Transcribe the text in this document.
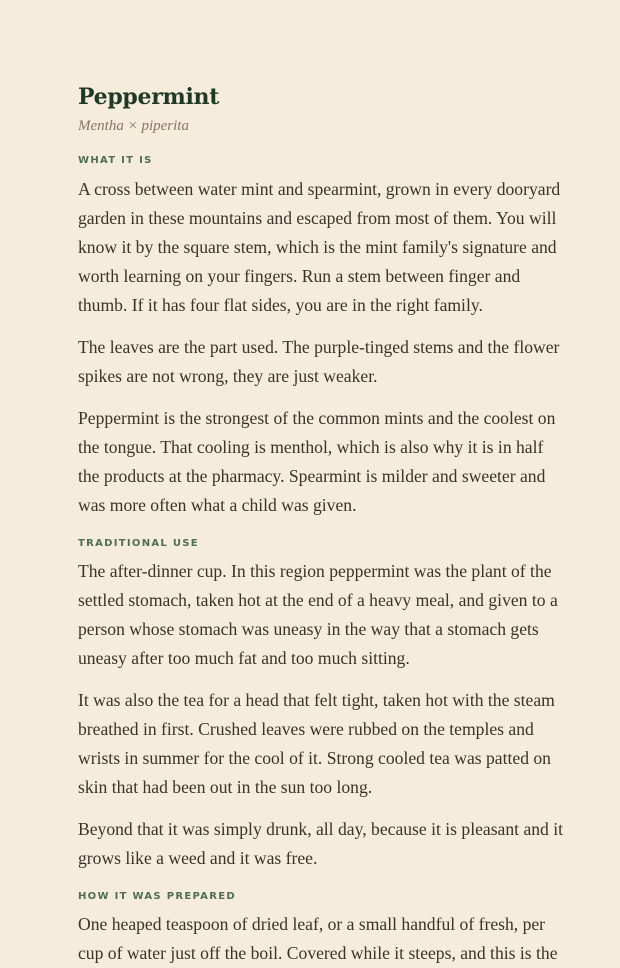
Peppermint

Mentha × piperita

WHAT IT IS

A cross between water mint and spearmint, grown in every dooryard garden in these mountains and escaped from most of them. You will know it by the square stem, which is the mint family's signature and worth learning on your fingers. Run a stem between finger and thumb. If it has four flat sides, you are in the right family.

The leaves are the part used. The purple-tinged stems and the flower spikes are not wrong, they are just weaker.

Peppermint is the strongest of the common mints and the coolest on the tongue. That cooling is menthol, which is also why it is in half the products at the pharmacy. Spearmint is milder and sweeter and was more often what a child was given.

TRADITIONAL USE

The after-dinner cup. In this region peppermint was the plant of the settled stomach, taken hot at the end of a heavy meal, and given to a person whose stomach was uneasy in the way that a stomach gets uneasy after too much fat and too much sitting.

It was also the tea for a head that felt tight, taken hot with the steam breathed in first. Crushed leaves were rubbed on the temples and wrists in summer for the cool of it. Strong cooled tea was patted on skin that had been out in the sun too long.

Beyond that it was simply drunk, all day, because it is pleasant and it grows like a weed and it was free.

HOW IT WAS PREPARED

One heaped teaspoon of dried leaf, or a small handful of fresh, per cup of water just off the boil. Covered while it steeps, and this is the
